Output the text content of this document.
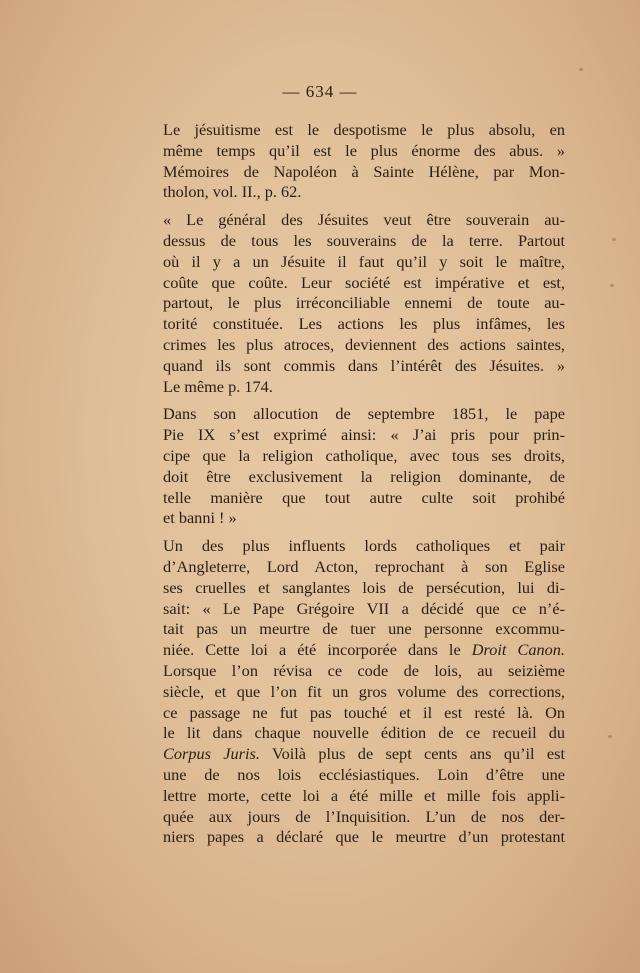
— 634 —

Le jésuitisme est le despotisme le plus absolu, en
même temps qu’il est le plus énorme des abus. »
Mémoires de Napoléon à Sainte Hélène, par Mon-
tholon, vol. II., p. 62.

« Le général des Jésuites veut être souverain au-
dessus de tous les souverains de la terre. Partout
où il y a un Jésuite il faut qu’il y soit le maître,
coûte que coûte. Leur société est impérative et est,
partout, le plus irréconciliable ennemi de toute au-
torité constituée. Les actions les plus infâmes, les
crimes les plus atroces, deviennent des actions saintes,
quand ils sont commis dans l’intérêt des Jésuites. »
Le même p. 174.

Dans son allocution de septembre 1851, le pape
Pie IX s’est exprimé ainsi: « J’ai pris pour prin-
cipe que la religion catholique, avec tous ses droits,
doit être exclusivement la religion dominante, de
telle manière que tout autre culte soit prohibé
et banni ! »

Un des plus influents lords catholiques et pair
d’Angleterre, Lord Acton, reprochant à son Eglise
ses cruelles et sanglantes lois de persécution, lui di-
sait: « Le Pape Grégoire VII a décidé que ce n’é-
tait pas un meurtre de tuer une personne excommu-
niée. Cette loi a été incorporée dans le Droit Canon.
Lorsque l’on révisa ce code de lois, au seizième
siècle, et que l’on fit un gros volume des corrections,
ce passage ne fut pas touché et il est resté là. On
le lit dans chaque nouvelle édition de ce recueil du
Corpus Juris. Voilà plus de sept cents ans qu’il est
une de nos lois ecclésiastiques. Loin d’être une
lettre morte, cette loi a été mille et mille fois appli-
quée aux jours de l’Inquisition. L’un de nos der-
niers papes a déclaré que le meurtre d’un protestant
